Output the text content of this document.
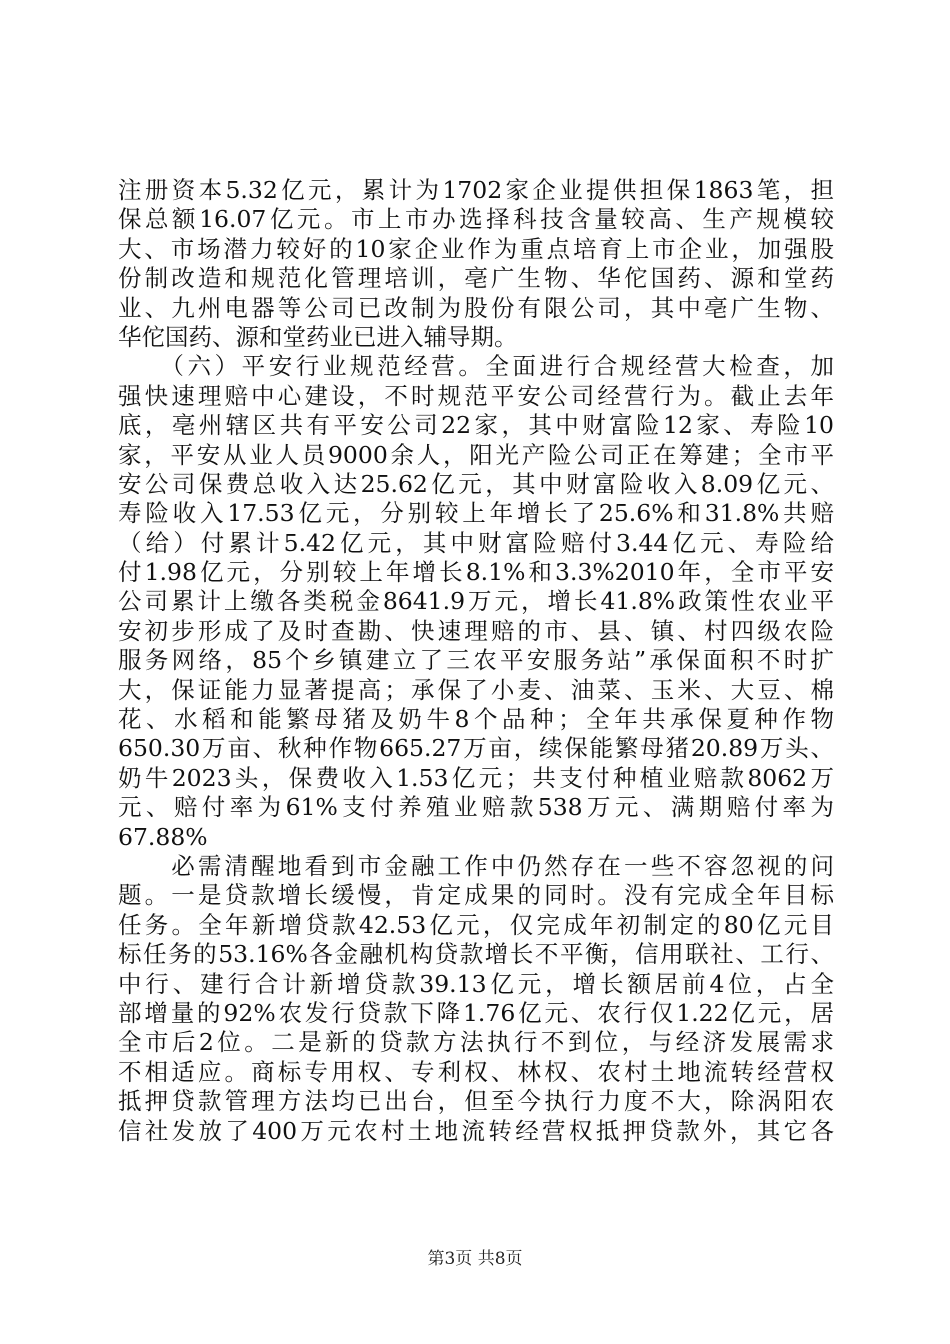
注册资本5.32亿元，累计为1702家企业提供担保1863笔，担
保总额16.07亿元。市上市办选择科技含量较高、生产规模较
大、市场潜力较好的10家企业作为重点培育上市企业，加强股
份制改造和规范化管理培训，亳广生物、华佗国药、源和堂药
业、九州电器等公司已改制为股份有限公司，其中亳广生物、
华佗国药、源和堂药业已进入辅导期。
　　（六）平安行业规范经营。全面进行合规经营大检查，加
强快速理赔中心建设，不时规范平安公司经营行为。截止去年
底，亳州辖区共有平安公司22家，其中财富险12家、寿险10
家，平安从业人员9000余人，阳光产险公司正在筹建；全市平
安公司保费总收入达25.62亿元，其中财富险收入8.09亿元、
寿险收入17.53亿元，分别较上年增长了25.6%和31.8%共赔
（给）付累计5.42亿元，其中财富险赔付3.44亿元、寿险给
付1.98亿元，分别较上年增长8.1%和3.3%2010年，全市平安
公司累计上缴各类税金8641.9万元，增长41.8%政策性农业平
安初步形成了及时查勘、快速理赔的市、县、镇、村四级农险
服务网络，85个乡镇建立了三农平安服务站”承保面积不时扩
大，保证能力显著提高；承保了小麦、油菜、玉米、大豆、棉
花、水稻和能繁母猪及奶牛8个品种；全年共承保夏种作物
650.30万亩、秋种作物665.27万亩，续保能繁母猪20.89万头、
奶牛2023头，保费收入1.53亿元；共支付种植业赔款8062万
元、赔付率为61%支付养殖业赔款538万元、满期赔付率为
67.88%
　　必需清醒地看到市金融工作中仍然存在一些不容忽视的问
题。一是贷款增长缓慢，肯定成果的同时。没有完成全年目标
任务。全年新增贷款42.53亿元，仅完成年初制定的80亿元目
标任务的53.16%各金融机构贷款增长不平衡，信用联社、工行、
中行、建行合计新增贷款39.13亿元，增长额居前4位，占全
部增量的92%农发行贷款下降1.76亿元、农行仅1.22亿元，居
全市后2位。二是新的贷款方法执行不到位，与经济发展需求
不相适应。商标专用权、专利权、林权、农村土地流转经营权
抵押贷款管理方法均已出台，但至今执行力度不大，除涡阳农
信社发放了400万元农村土地流转经营权抵押贷款外，其它各
第3页 共8页
